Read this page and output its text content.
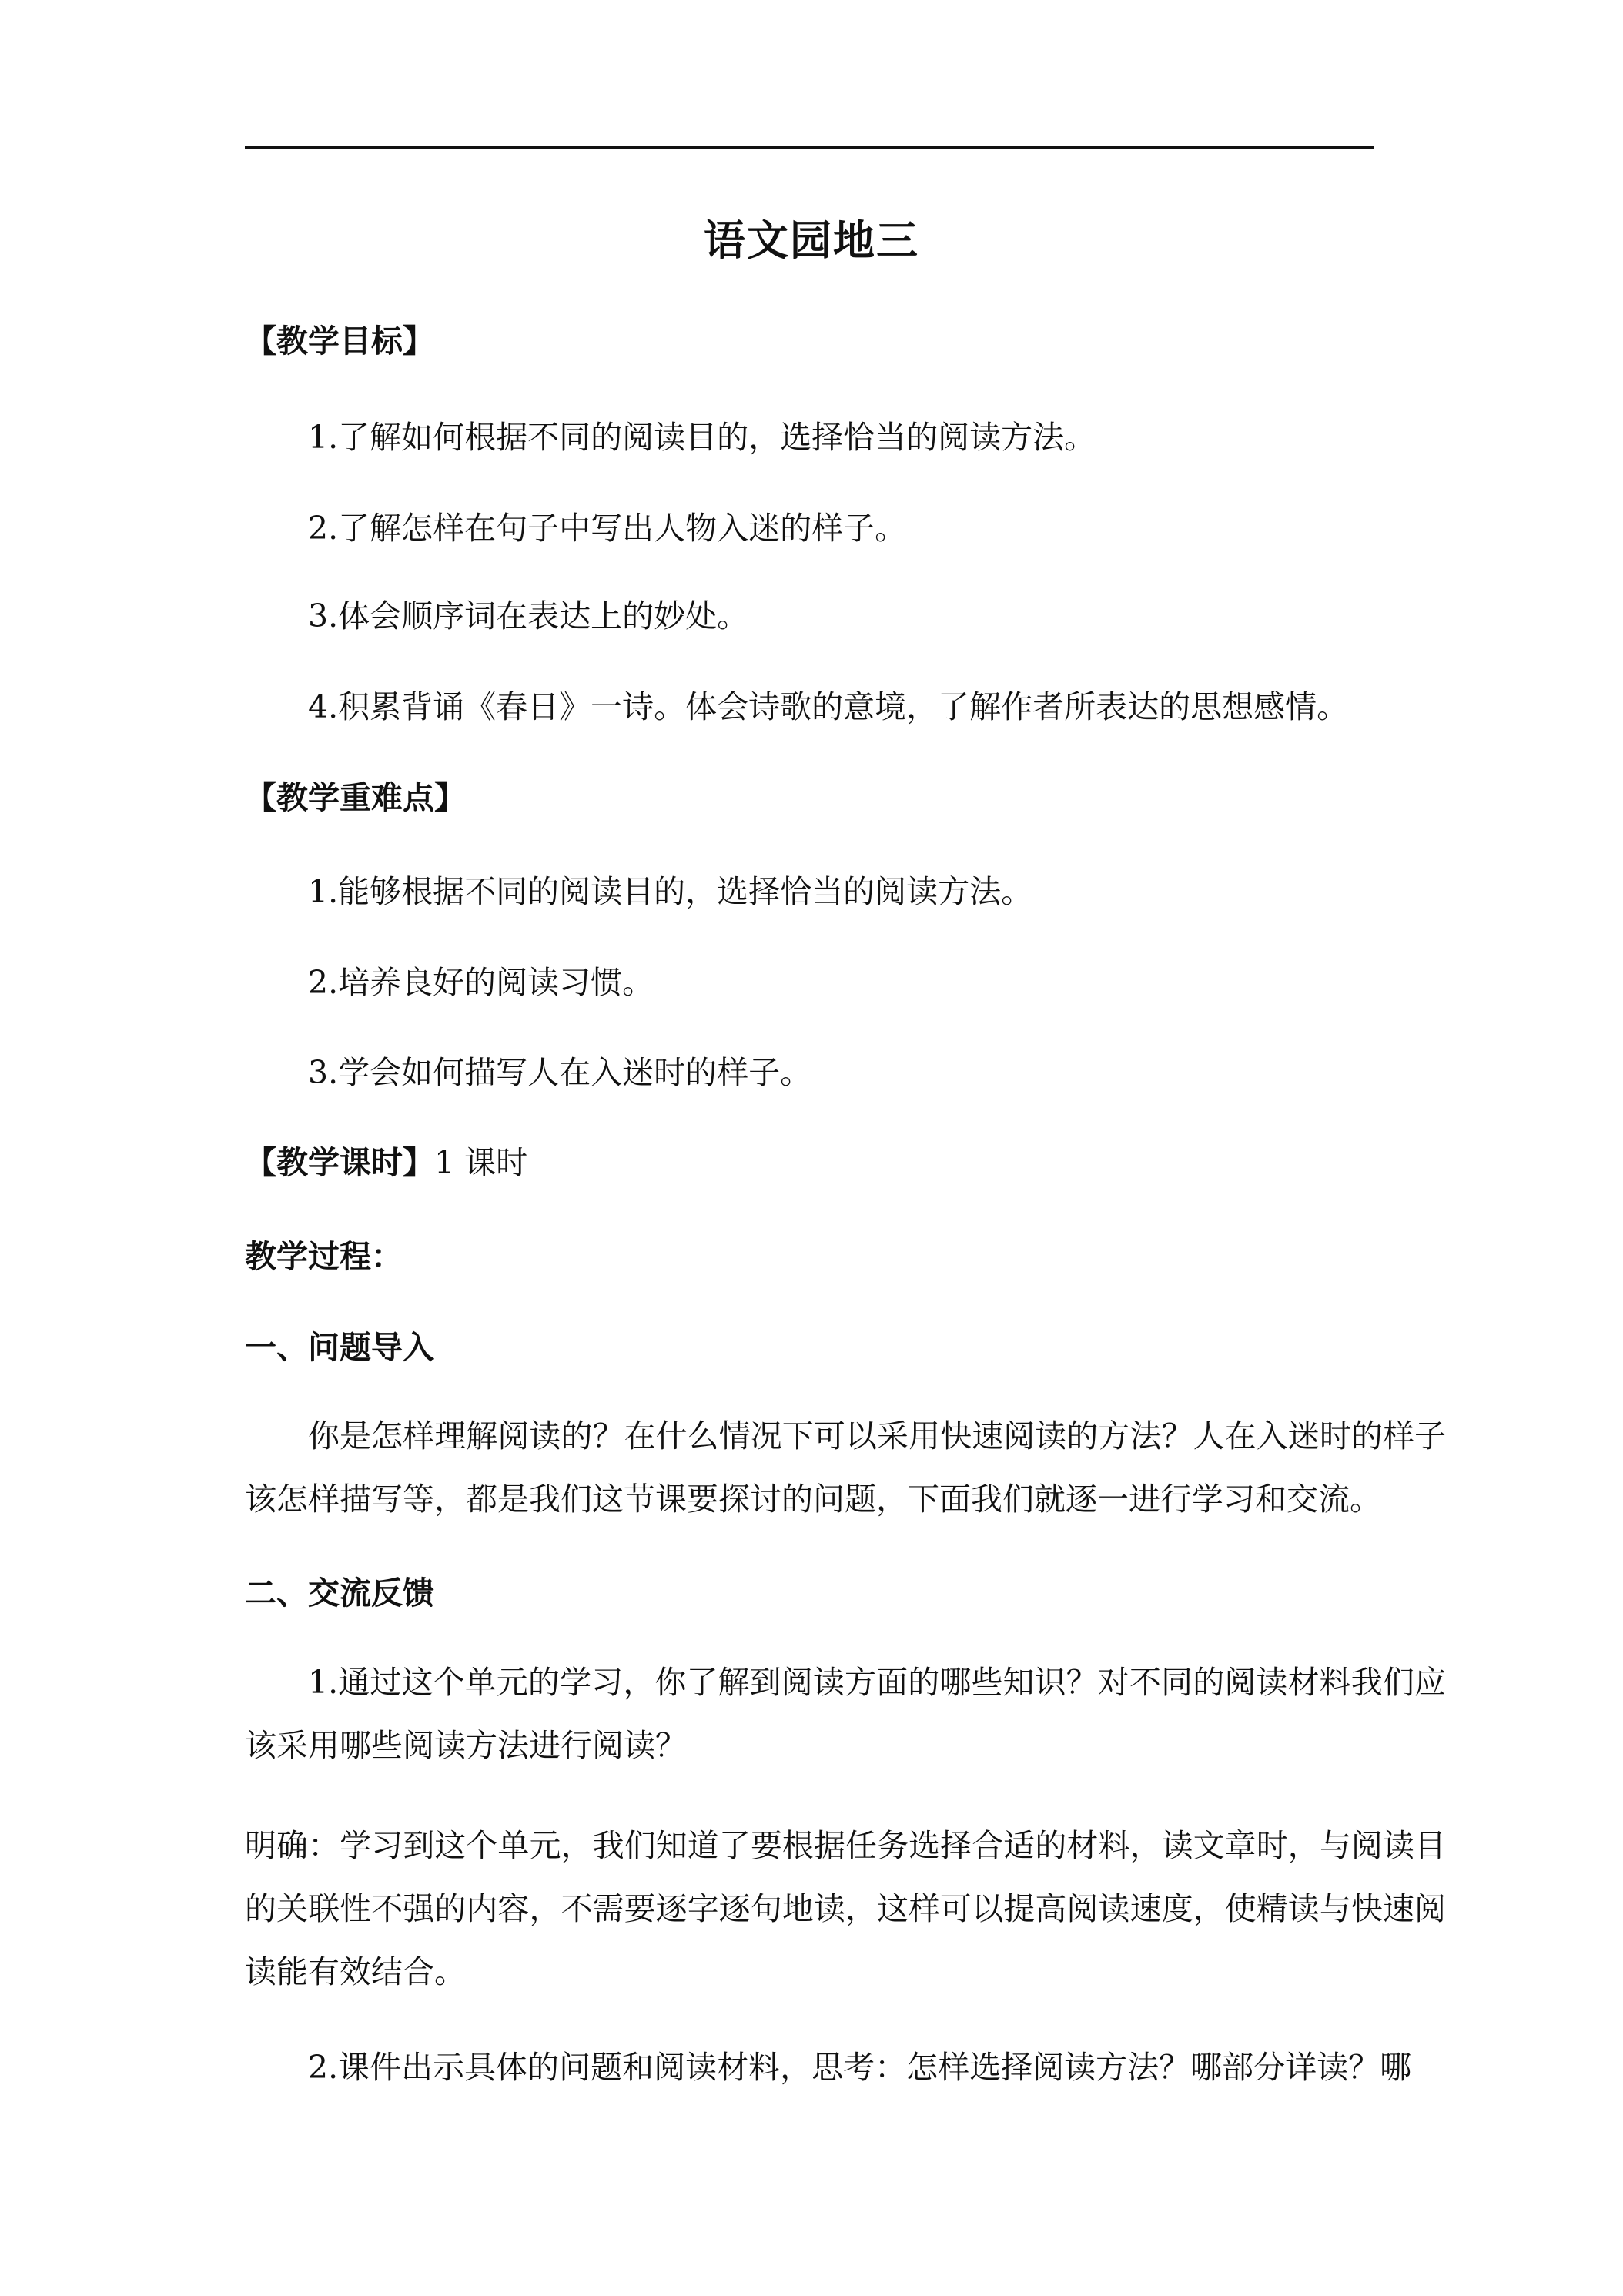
语文园地三
【教学目标】
1.了解如何根据不同的阅读目的，选择恰当的阅读方法。
2.了解怎样在句子中写出人物入迷的样子。
3.体会顺序词在表达上的妙处。
4.积累背诵《春日》一诗。体会诗歌的意境，了解作者所表达的思想感情。
【教学重难点】
1.能够根据不同的阅读目的，选择恰当的阅读方法。
2.培养良好的阅读习惯。
3.学会如何描写人在入迷时的样子。
【教学课时】1 课时
教学过程：
一、问题导入
你是怎样理解阅读的？在什么情况下可以采用快速阅读的方法？人在入迷时的样子该怎样描写等，都是我们这节课要探讨的问题，下面我们就逐一进行学习和交流。
二、交流反馈
1.通过这个单元的学习，你了解到阅读方面的哪些知识？对不同的阅读材料我们应该采用哪些阅读方法进行阅读？
明确：学习到这个单元，我们知道了要根据任务选择合适的材料，读文章时，与阅读目的关联性不强的内容，不需要逐字逐句地读，这样可以提高阅读速度，使精读与快速阅读能有效结合。
2.课件出示具体的问题和阅读材料，思考：怎样选择阅读方法？哪部分详读？哪
